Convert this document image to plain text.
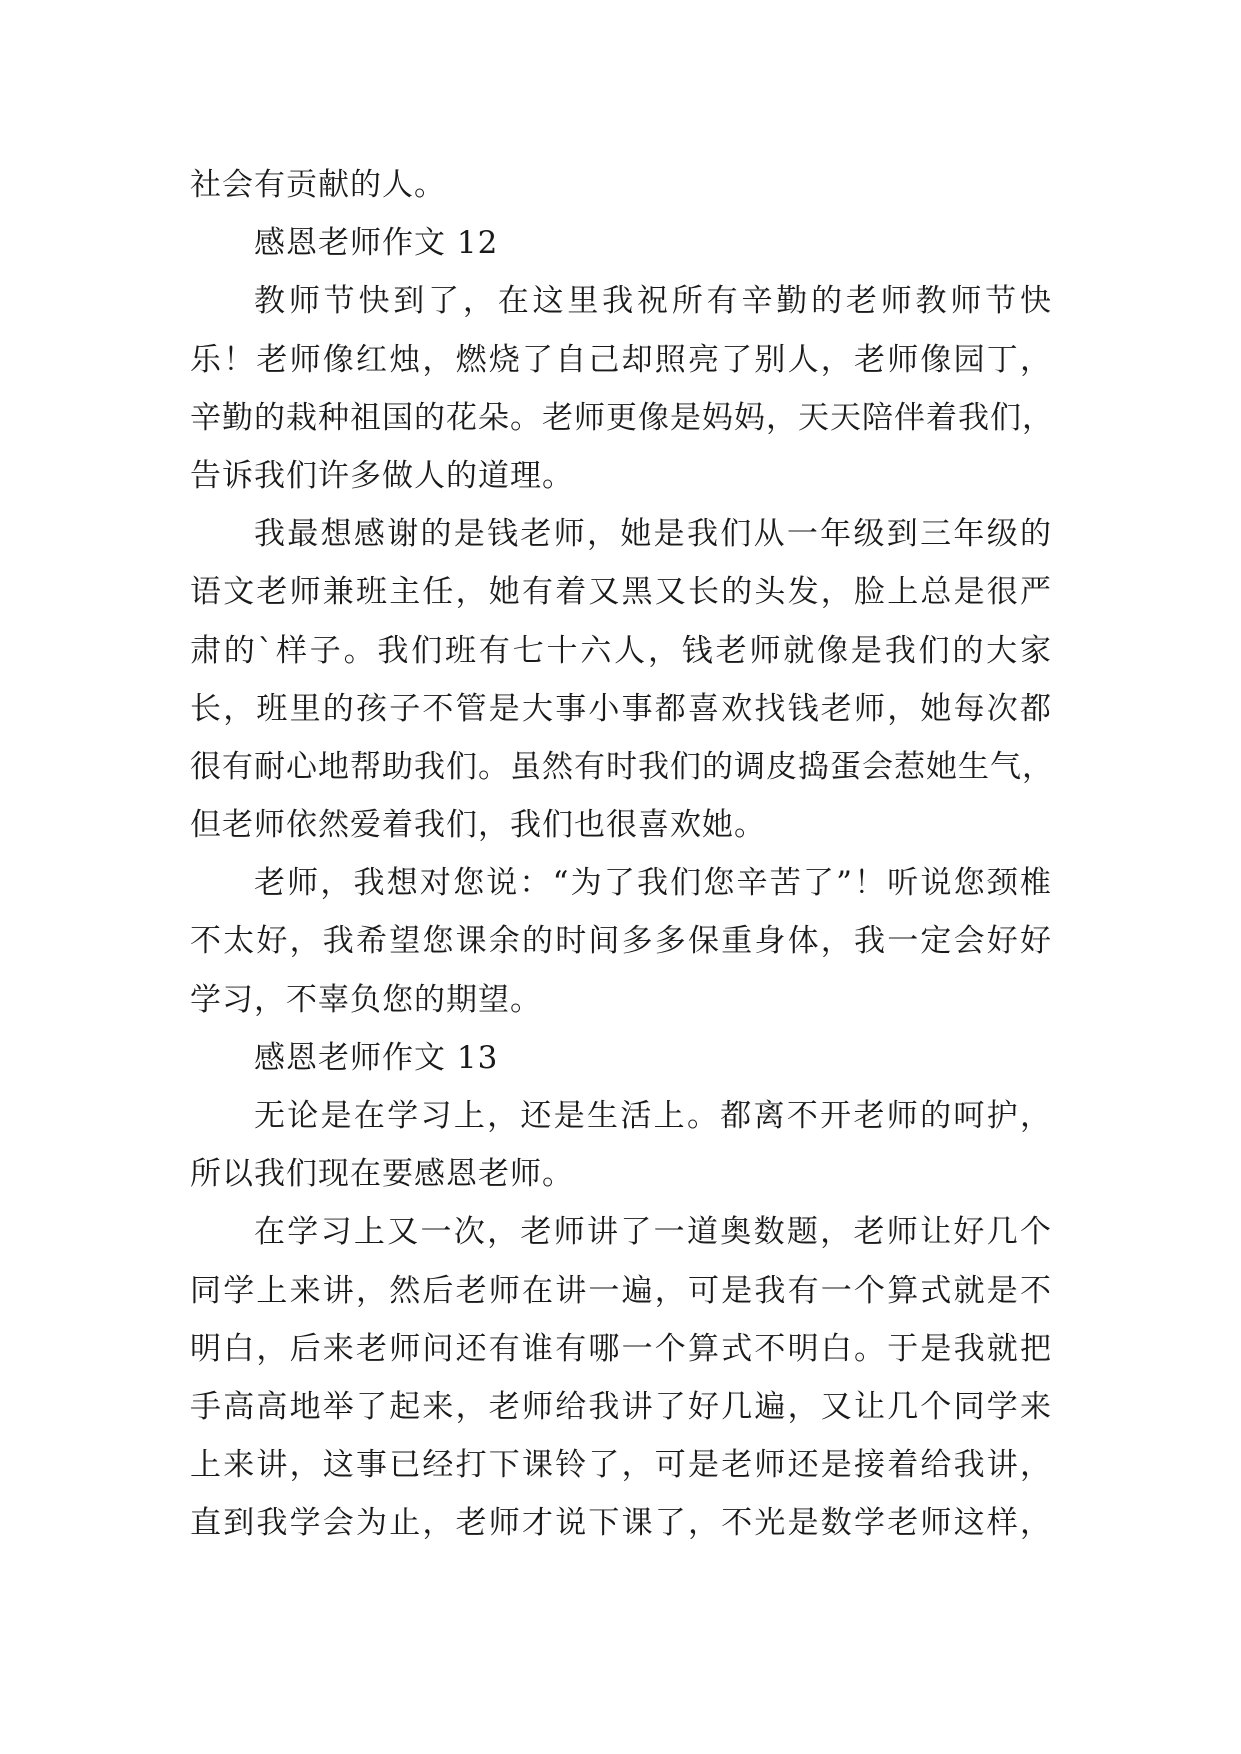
社会有贡献的人。
感恩老师作文 12
教师节快到了，在这里我祝所有辛勤的老师教师节快
乐！老师像红烛，燃烧了自己却照亮了别人，老师像园丁，
辛勤的栽种祖国的花朵。老师更像是妈妈，天天陪伴着我们，
告诉我们许多做人的道理。
我最想感谢的是钱老师，她是我们从一年级到三年级的
语文老师兼班主任，她有着又黑又长的头发，脸上总是很严
肃的`样子。我们班有七十六人，钱老师就像是我们的大家
长，班里的孩子不管是大事小事都喜欢找钱老师，她每次都
很有耐心地帮助我们。虽然有时我们的调皮捣蛋会惹她生气，
但老师依然爱着我们，我们也很喜欢她。
老师，我想对您说：“为了我们您辛苦了”！听说您颈椎
不太好，我希望您课余的时间多多保重身体，我一定会好好
学习，不辜负您的期望。
感恩老师作文 13
无论是在学习上，还是生活上。都离不开老师的呵护，
所以我们现在要感恩老师。
在学习上又一次，老师讲了一道奥数题，老师让好几个
同学上来讲，然后老师在讲一遍，可是我有一个算式就是不
明白，后来老师问还有谁有哪一个算式不明白。于是我就把
手高高地举了起来，老师给我讲了好几遍，又让几个同学来
上来讲，这事已经打下课铃了，可是老师还是接着给我讲，
直到我学会为止，老师才说下课了，不光是数学老师这样，
